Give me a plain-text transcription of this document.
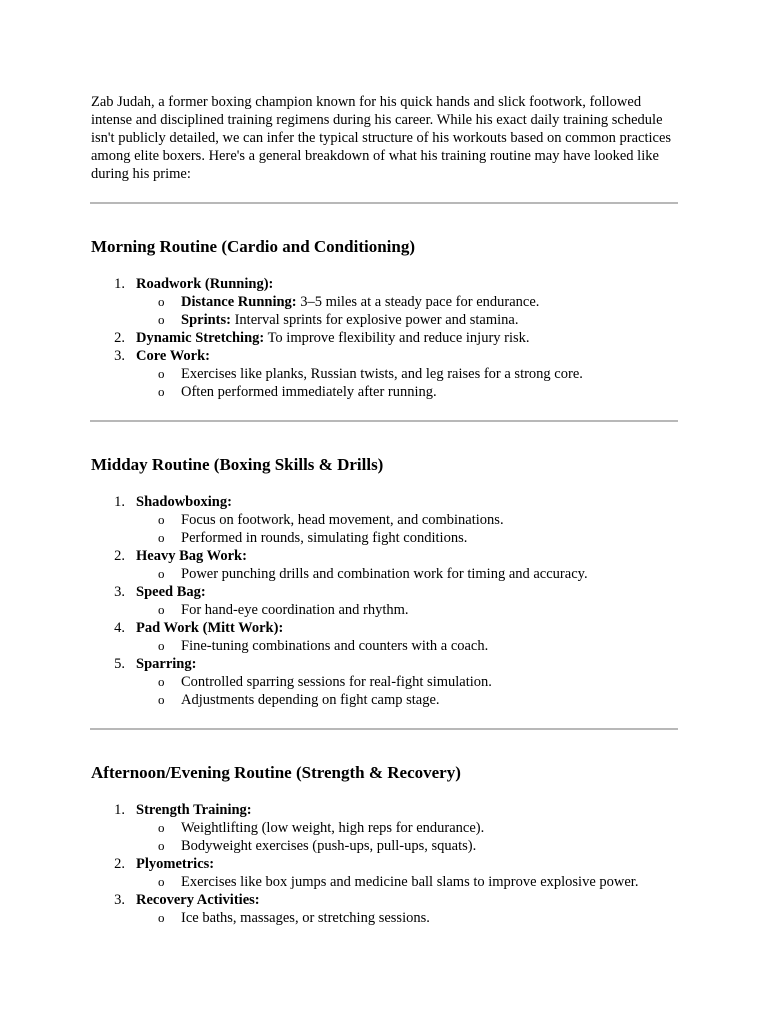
Zab Judah, a former boxing champion known for his quick hands and slick footwork, followed intense and disciplined training regimens during his career. While his exact daily training schedule isn't publicly detailed, we can infer the typical structure of his workouts based on common practices among elite boxers. Here's a general breakdown of what his training routine may have looked like during his prime:

Morning Routine (Cardio and Conditioning)
1. Roadwork (Running):
o Distance Running: 3–5 miles at a steady pace for endurance.
o Sprints: Interval sprints for explosive power and stamina.
2. Dynamic Stretching: To improve flexibility and reduce injury risk.
3. Core Work:
o Exercises like planks, Russian twists, and leg raises for a strong core.
o Often performed immediately after running.
Midday Routine (Boxing Skills & Drills)
1. Shadowboxing:
o Focus on footwork, head movement, and combinations.
o Performed in rounds, simulating fight conditions.
2. Heavy Bag Work:
o Power punching drills and combination work for timing and accuracy.
3. Speed Bag:
o For hand-eye coordination and rhythm.
4. Pad Work (Mitt Work):
o Fine-tuning combinations and counters with a coach.
5. Sparring:
o Controlled sparring sessions for real-fight simulation.
o Adjustments depending on fight camp stage.
Afternoon/Evening Routine (Strength & Recovery)
1. Strength Training:
o Weightlifting (low weight, high reps for endurance).
o Bodyweight exercises (push-ups, pull-ups, squats).
2. Plyometrics:
o Exercises like box jumps and medicine ball slams to improve explosive power.
3. Recovery Activities:
o Ice baths, massages, or stretching sessions.
